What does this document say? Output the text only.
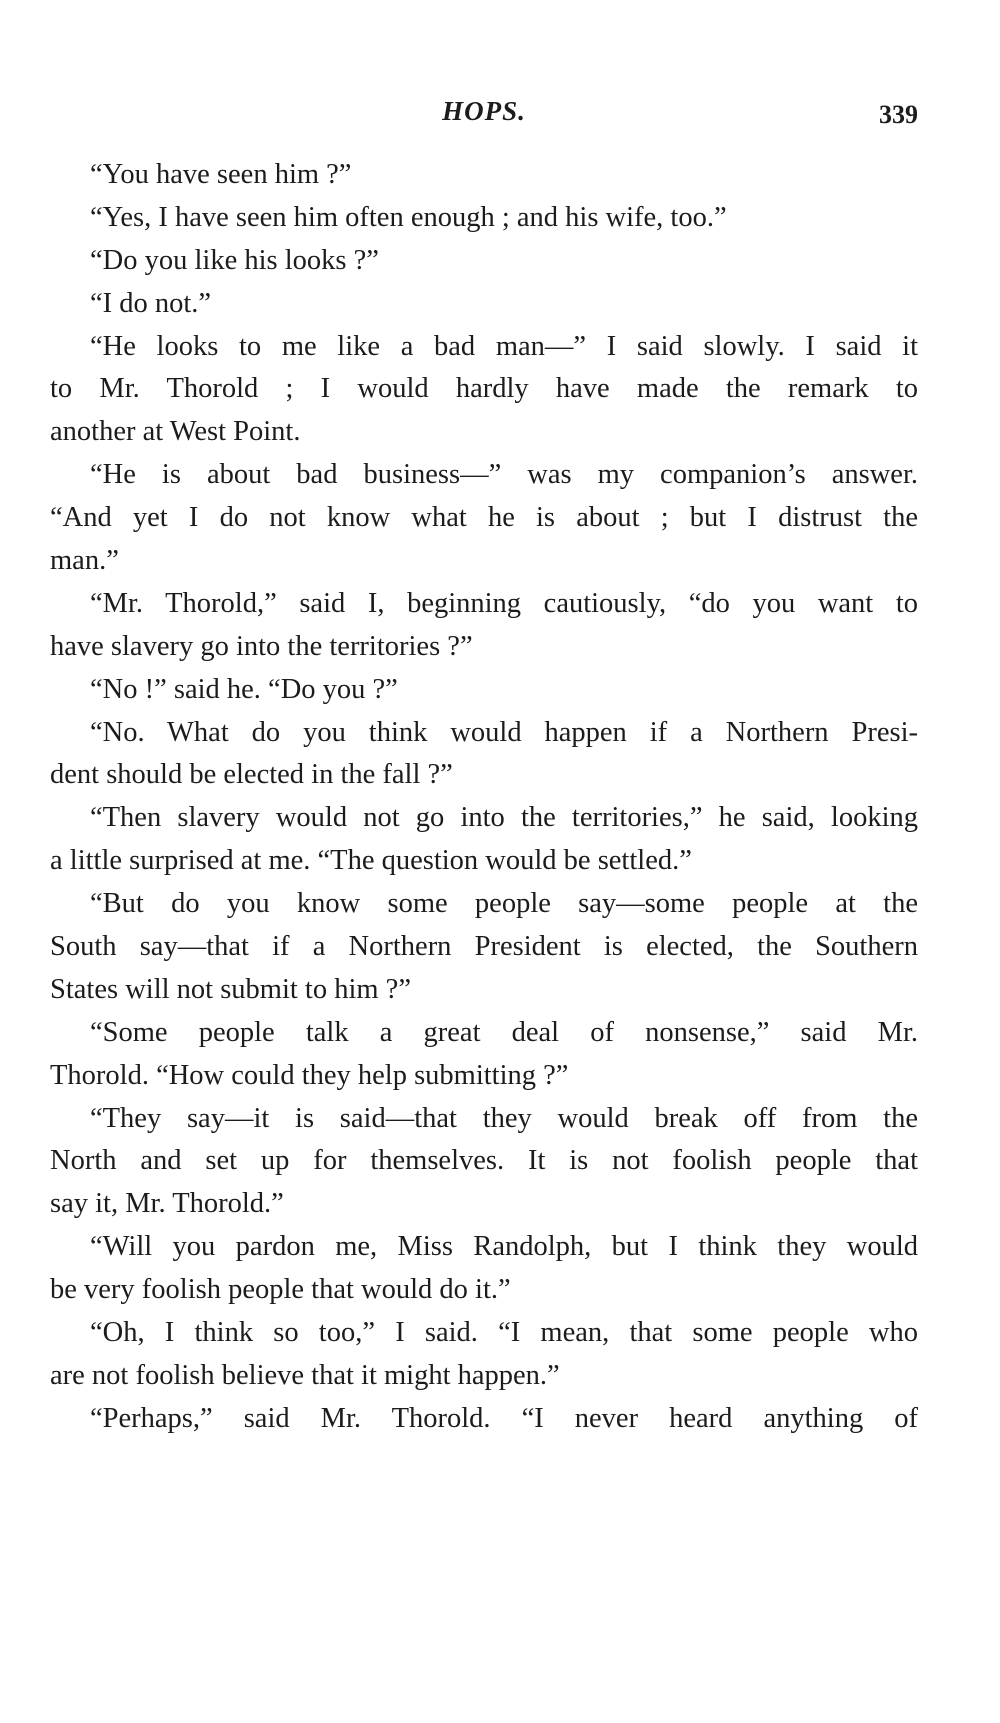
HOPS.	339
“You have seen him ?”
“Yes, I have seen him often enough ; and his wife, too.”
“Do you like his looks ?”
“I do not.”
“He looks to me like a bad man—” I said slowly. I said it
to Mr. Thorold ; I would hardly have made the remark to
another at West Point.
“He is about bad business—” was my companion’s answer.
“And yet I do not know what he is about ; but I distrust the
man.”
“Mr. Thorold,” said I, beginning cautiously, “do you want to
have slavery go into the territories ?”
“No !” said he. “Do you ?”
“No. What do you think would happen if a Northern Presi-
dent should be elected in the fall ?”
“Then slavery would not go into the territories,” he said, looking
a little surprised at me. “The question would be settled.”
“But do you know some people say—some people at the
South say—that if a Northern President is elected, the Southern
States will not submit to him ?”
“Some people talk a great deal of nonsense,” said Mr.
Thorold. “How could they help submitting ?”
“They say—it is said—that they would break off from the
North and set up for themselves. It is not foolish people that
say it, Mr. Thorold.”
“Will you pardon me, Miss Randolph, but I think they would
be very foolish people that would do it.”
“Oh, I think so too,” I said. “I mean, that some people who
are not foolish believe that it might happen.”
“Perhaps,” said Mr. Thorold. “I never heard anything of
